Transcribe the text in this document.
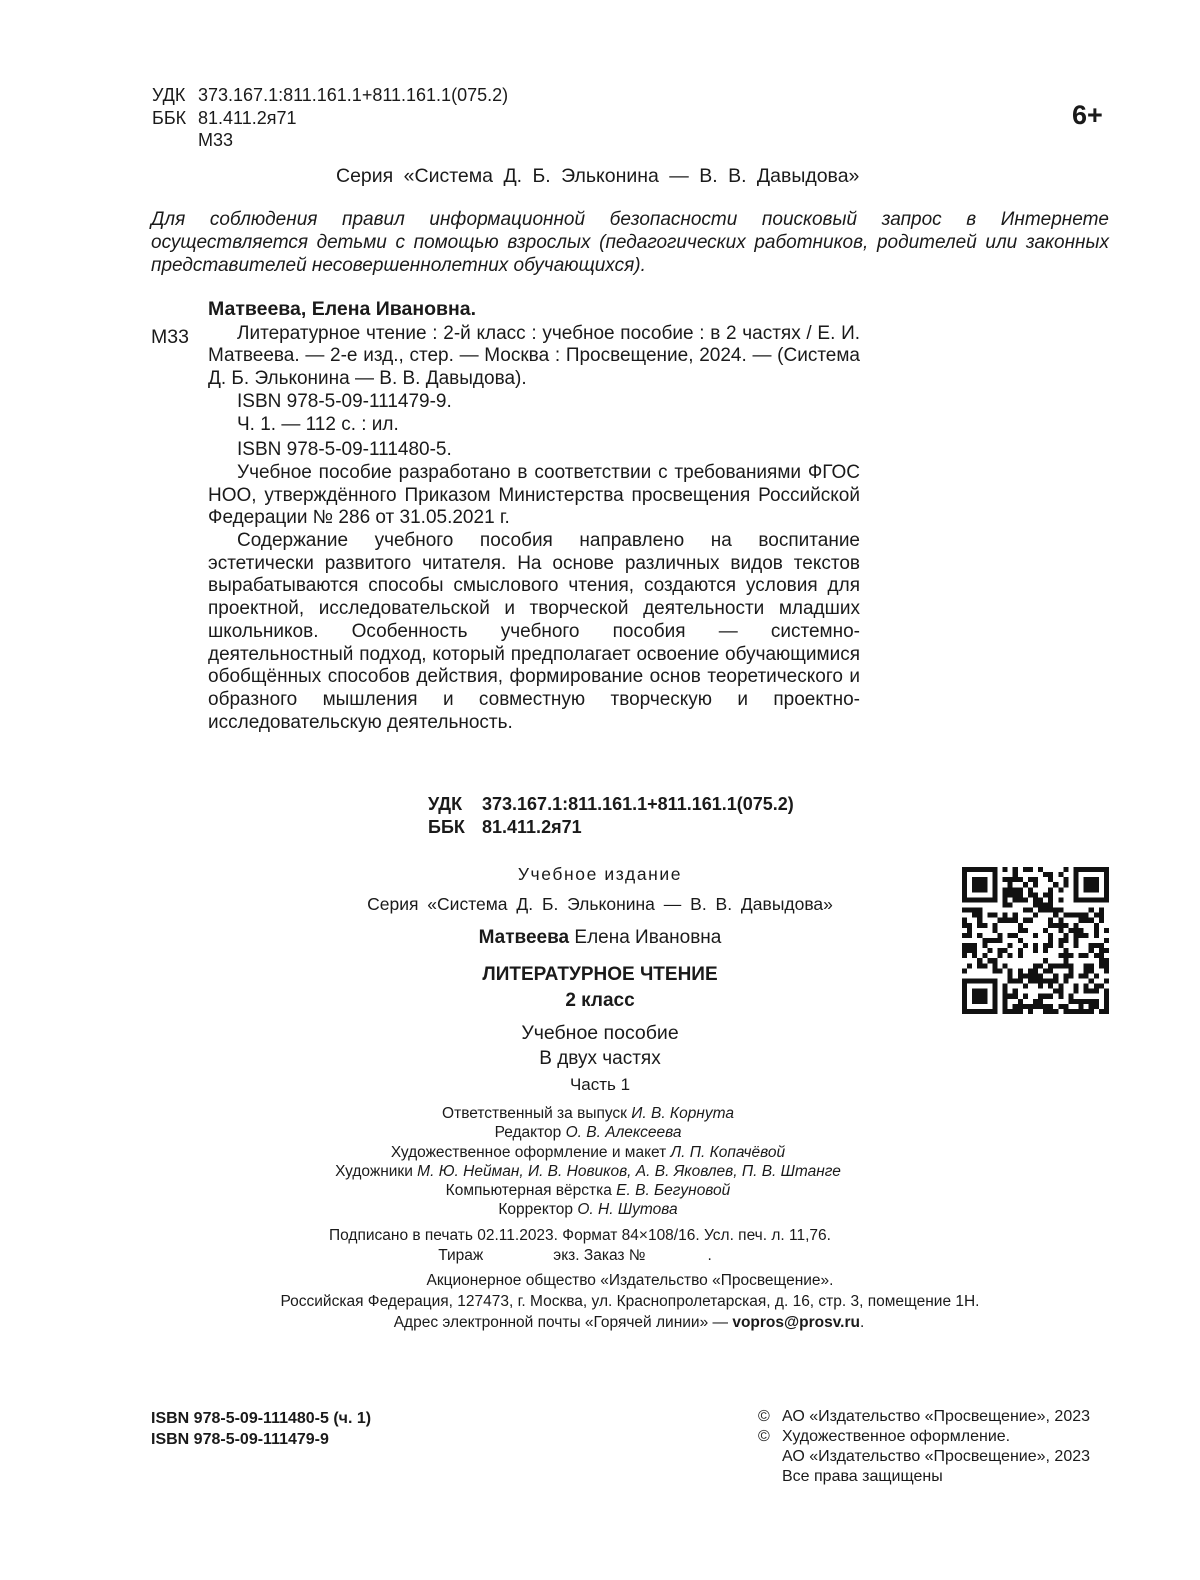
УДК 373.167.1:811.161.1+811.161.1(075.2)
ББК 81.411.2я71
М33
6+
Серия «Система Д. Б. Эльконина — В. В. Давыдова»

Для соблюдения правил информационной безопасности поисковый запрос в Интернете осуществляется детьми с помощью взрослых (педагогических работников, родителей или законных представителей несовершеннолетних обучающихся).

М33

Матвеева, Елена Ивановна.

Литературное чтение : 2-й класс : учебное пособие : в 2 частях / Е. И. Матвеева. — 2-е изд., стер. — Москва : Просвещение, 2024. — (Система Д. Б. Эльконина — В. В. Давыдова).

ISBN 978-5-09-111479-9.

Ч. 1. — 112 с. : ил.

ISBN 978-5-09-111480-5.

Учебное пособие разработано в соответствии с требованиями ФГОС НОО, утверждённого Приказом Министерства просвещения Российской Федерации № 286 от 31.05.2021 г.

Содержание учебного пособия направлено на воспитание эстетически развитого читателя. На основе различных видов текстов вырабатываются способы смыслового чтения, создаются условия для проектной, исследовательской и творческой деятельности младших школьников. Особенность учебного пособия — системно-деятельностный подход, который предполагает освоение обучающимися обобщённых способов действия, формирование основ теоретического и образного мышления и совместную творческую и проектно-исследовательскую деятельность.

УДК 373.167.1:811.161.1+811.161.1(075.2)
ББК 81.411.2я71
Учебное издание
Серия «Система Д. Б. Эльконина — В. В. Давыдова»
Матвеева Елена Ивановна
ЛИТЕРАТУРНОЕ ЧТЕНИЕ
2 класс
Учебное пособие
В двух частях
Часть 1
Ответственный за выпуск И. В. Корнута
Редактор О. В. Алексеева
Художественное оформление и макет Л. П. Копачёвой
Художники М. Ю. Нейман, И. В. Новиков, А. В. Яковлев, П. В. Штанге
Компьютерная вёрстка Е. В. Бегуновой
Корректор О. Н. Шутова
Подписано в печать 02.11.2023. Формат 84×108/16. Усл. печ. л. 11,76.
Тираж	экз. Заказ №	.
Акционерное общество «Издательство «Просвещение».
Российская Федерация, 127473, г. Москва, ул. Краснопролетарская, д. 16, стр. 3, помещение 1Н.
Адрес электронной почты «Горячей линии» — vopros@prosv.ru.
ISBN 978-5-09-111480-5 (ч. 1)
ISBN 978-5-09-111479-9
© АО «Издательство «Просвещение», 2023
© Художественное оформление.
АО «Издательство «Просвещение», 2023
Все права защищены
